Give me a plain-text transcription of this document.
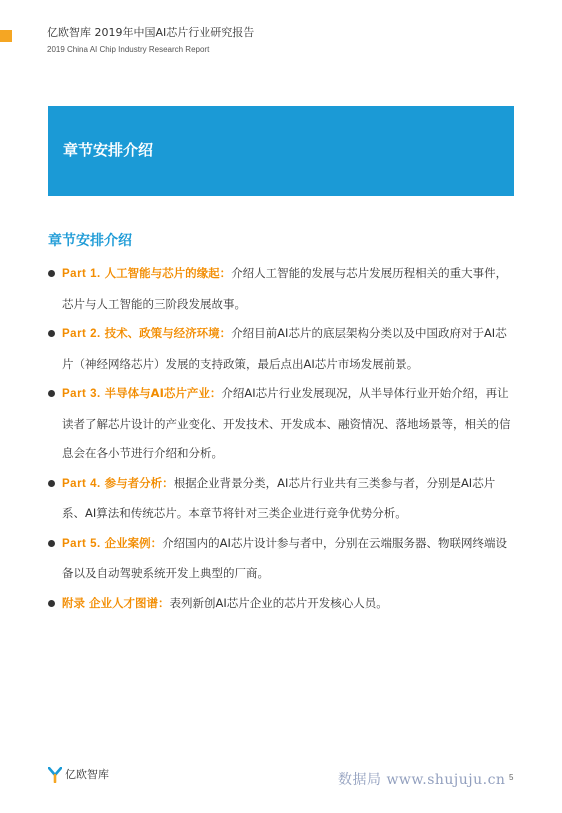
亿欧智库 2019年中国AI芯片行业研究报告
2019 China AI Chip Industry Research Report
章节安排介绍
章节安排介绍
Part 1. 人工智能与芯片的缘起：介绍人工智能的发展与芯片发展历程相关的重大事件，芯片与人工智能的三阶段发展故事。
Part 2. 技术、政策与经济环境：介绍目前AI芯片的底层架构分类以及中国政府对于AI芯片（神经网络芯片）发展的支持政策，最后点出AI芯片市场发展前景。
Part 3. 半导体与AI芯片产业：介绍AI芯片行业发展现况，从半导体行业开始介绍，再让读者了解芯片设计的产业变化、开发技术、开发成本、融资情况、落地场景等，相关的信息会在各小节进行介绍和分析。
Part 4. 参与者分析：根据企业背景分类，AI芯片行业共有三类参与者，分别是AI芯片系、AI算法和传统芯片。本章节将针对三类企业进行竞争优势分析。
Part 5. 企业案例：介绍国内的AI芯片设计参与者中，分别在云端服务器、物联网终端设备以及自动驾驶系统开发上典型的厂商。
附录 企业人才图谱：表列新创AI芯片企业的芯片开发核心人员。
亿欧智库	数据局 www.shujuju.cn 5
